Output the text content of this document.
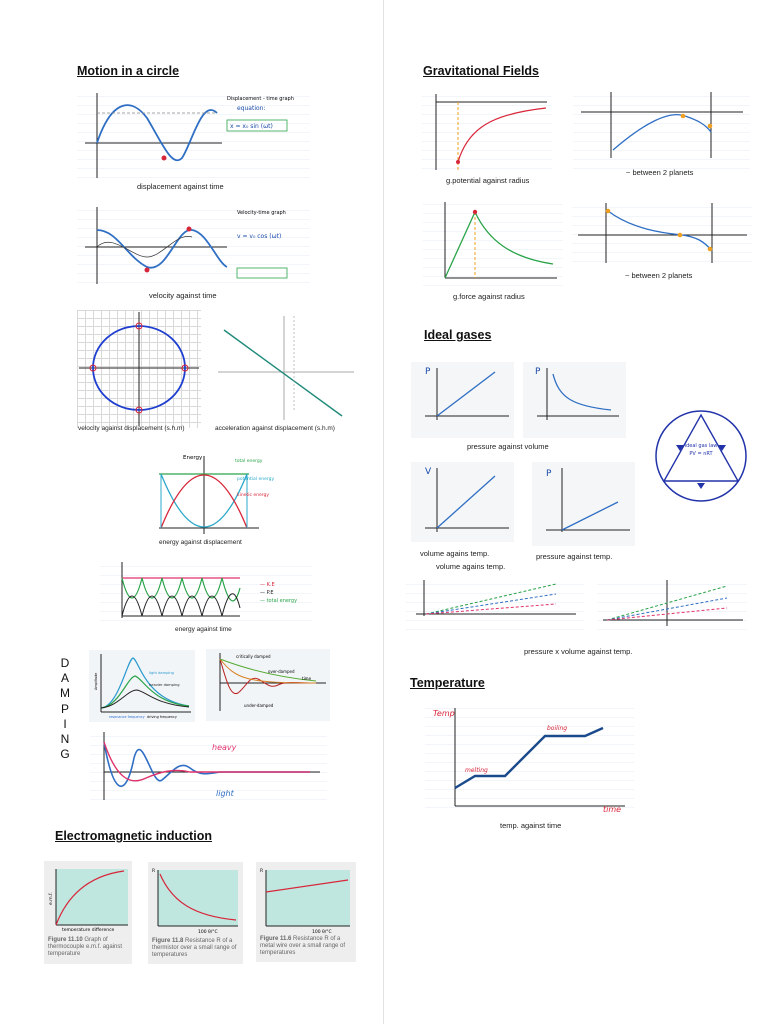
Motion in a circle
Displacement - time graph
x = x₀ sin (ωt)
equation:
displacement against time
Velocity-time graph
v = v₀ cos (ωt)
velocity against time
velocity against displacement (s.h.m)	acceleration against displacement (s.h.m)
Energy
total energy
potential energy
kinetic energy
energy against displacement
— K.E
— P.E
— total energy
energy against time
D
A
M
P
I
N
G
light damping
heavier damping
resonance frequency driving frequency
Amplitude
critically damped
over-damped
under-damped
time
heavy
light
Electromagnetic induction
temperature difference
e.m.f.
Figure 11.10 Graph of thermocouple e.m.f. against temperature
100 θ/°C
R
Figure 11.8 Resistance R of a thermistor over a small range of temperatures
100 θ/°C
R
Figure 11.6 Resistance R of a metal wire over a small range of temperatures
Gravitational Fields
g.potential against radius
~ between 2 planets
g.force against radius
~ between 2 planets
Ideal gases
P	P
pressure against volume	Ideal gas law
PV = nRT
V	P
volume agains temp.
volume agains temp.
pressure against temp.
pressure x volume against temp.
Temperature
Temp
time
boiling
melting
temp. against time
